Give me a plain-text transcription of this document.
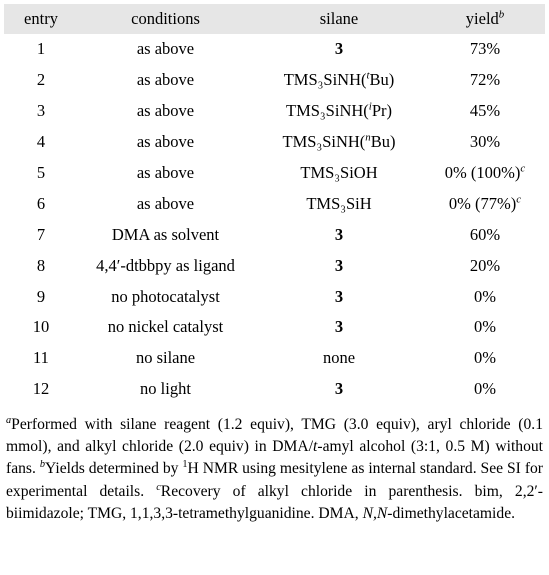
entry	conditions	silane	yield$^b$
1	as above	3	73%
2	as above	TMS₃SiNH($^t$Bu)	72%
3	as above	TMS₃SiNH($^i$Pr)	45%
4	as above	TMS₃SiNH($^n$Bu)	30%
5	as above	TMS₃SiOH	0% $(100\%)^c$
6	as above	TMS₃SiH	0% $(77\%)^c$
7	DMA as solvent	3	60%
8	4,4′-dtbbpy as ligand	3	20%
9	no photocatalyst	3	0%
10	no nickel catalyst	3	0%
11	no silane	none	0%
12	no light	3	0%
$^a$Performed with silane reagent (1.2 equiv), TMG (3.0 equiv), aryl chloride (0.1 mmol), and alkyl chloride (2.0 equiv) in DMA/t-amyl alcohol (3:1, 0.5 M) without fans. $^b$Yields determined by $^1$H NMR using mesitylene as internal standard. See SI for experimental details. $^c$Recovery of alkyl chloride in parenthesis. bim, 2,2′-biimidazole; TMG, 1,1,3,3-tetramethylguanidine. DMA, N,N-dimethylacetamide.
